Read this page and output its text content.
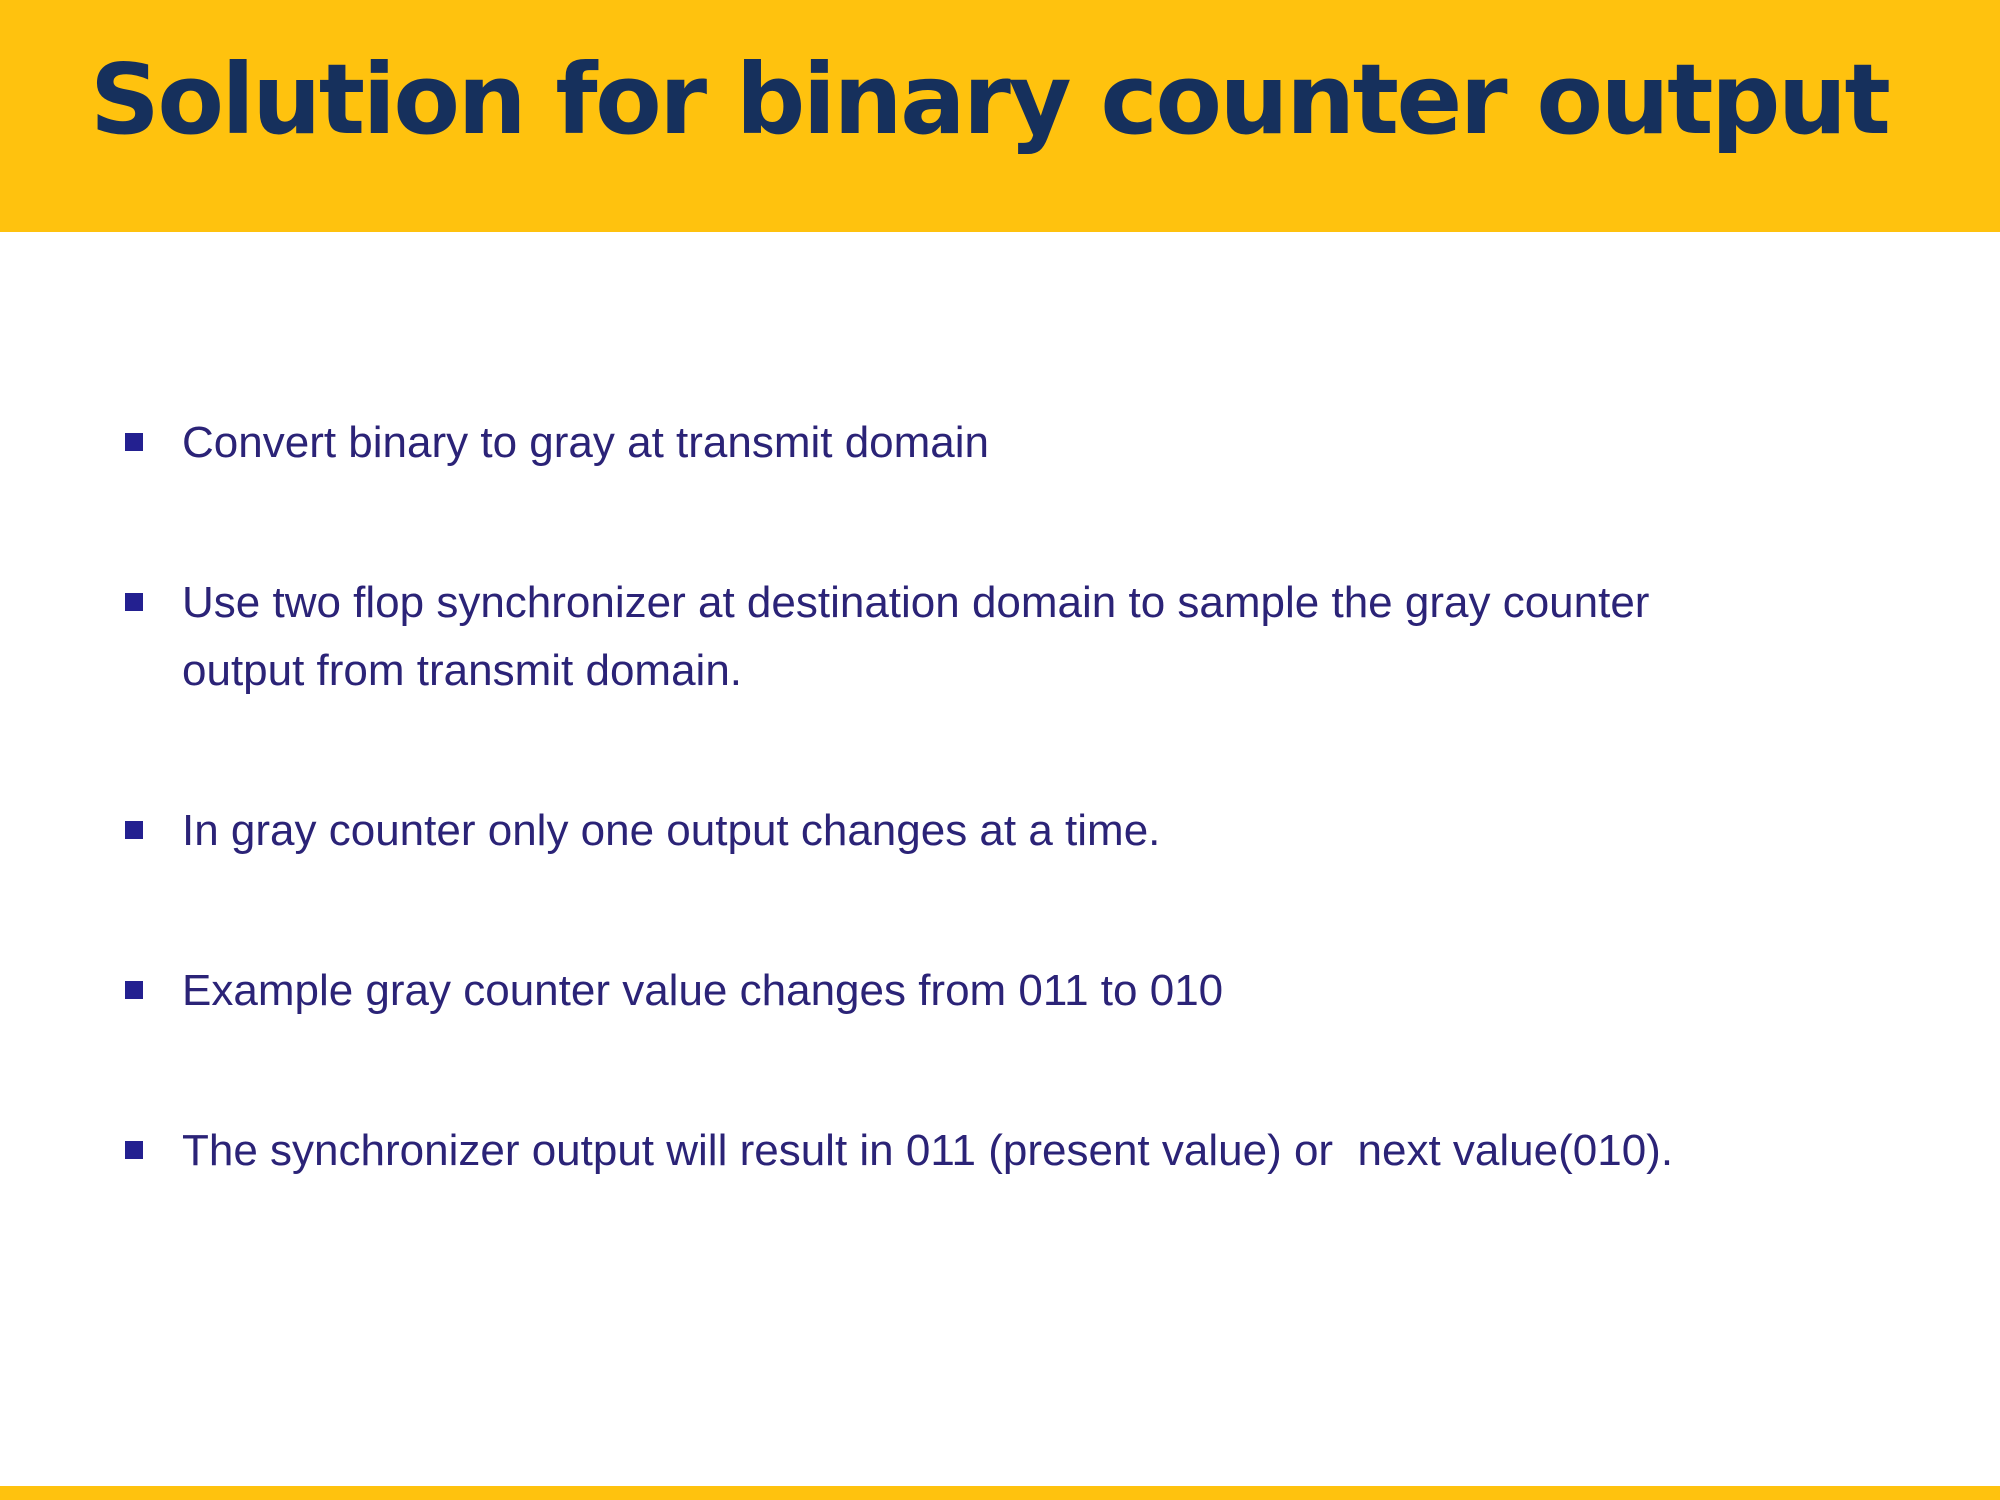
Solution for binary counter output
Convert binary to gray at transmit domain
Use two flop synchronizer at destination domain to sample the gray counter output from transmit domain.
In gray counter only one output changes at a time.
Example gray counter value changes from 011 to 010
The synchronizer output will result in 011 (present value) or  next value(010).
